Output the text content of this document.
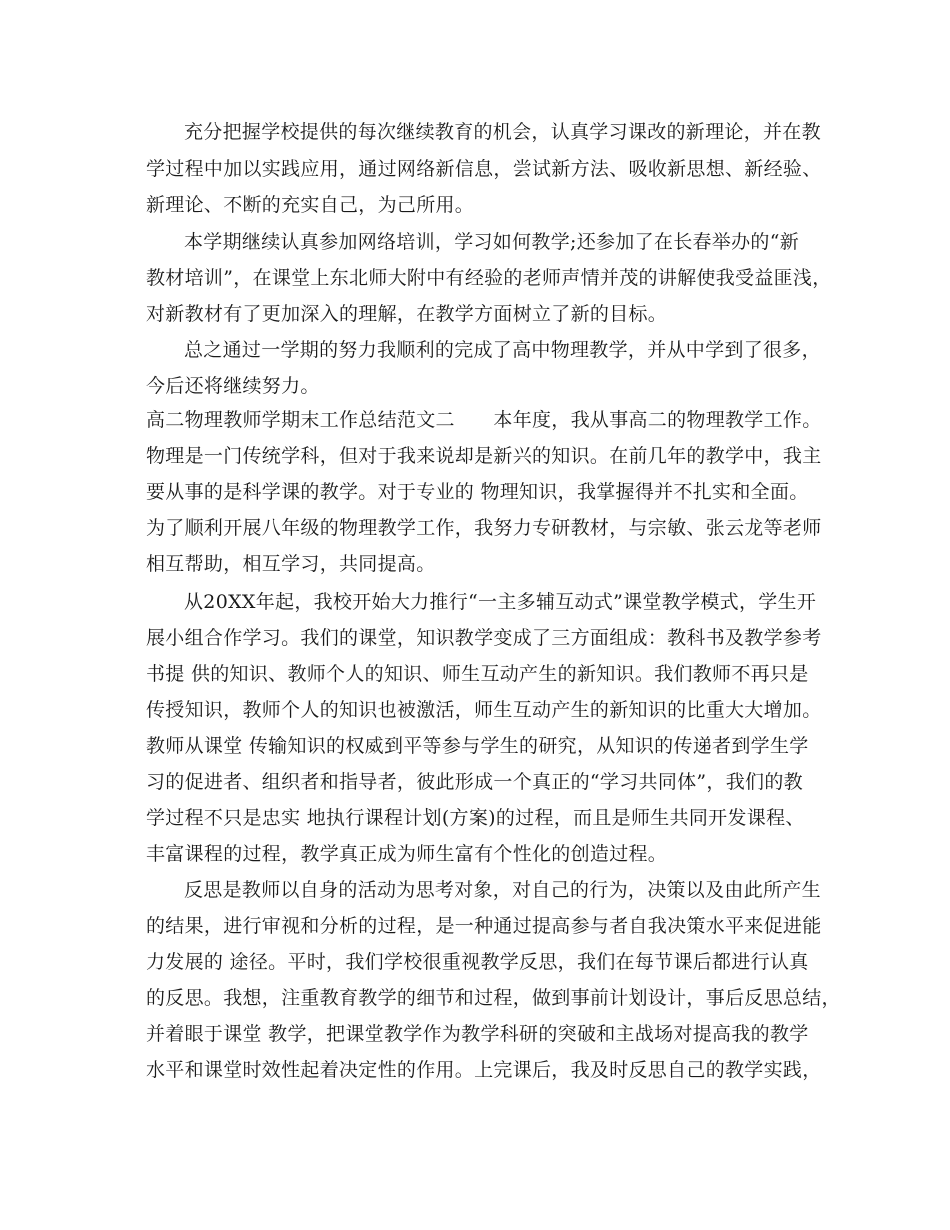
充分把握学校提供的每次继续教育的机会，认真学习课改的新理论，并在教
学过程中加以实践应用，通过网络新信息，尝试新方法、吸收新思想、新经验、
新理论、不断的充实自己，为己所用。
本学期继续认真参加网络培训，学习如何教学;还参加了在长春举办的“新
教材培训”，在课堂上东北师大附中有经验的老师声情并茂的讲解使我受益匪浅，
对新教材有了更加深入的理解，在教学方面树立了新的目标。
总之通过一学期的努力我顺利的完成了高中物理教学，并从中学到了很多，
今后还将继续努力。
高二物理教师学期末工作总结范文二　　本年度，我从事高二的物理教学工作。
物理是一门传统学科，但对于我来说却是新兴的知识。在前几年的教学中，我主
要从事的是科学课的教学。对于专业的 物理知识，我掌握得并不扎实和全面。
为了顺利开展八年级的物理教学工作，我努力专研教材，与宗敏、张云龙等老师
相互帮助，相互学习，共同提高。
从20XX年起，我校开始大力推行“一主多辅互动式”课堂教学模式，学生开
展小组合作学习。我们的课堂，知识教学变成了三方面组成：教科书及教学参考
书提 供的知识、教师个人的知识、师生互动产生的新知识。我们教师不再只是
传授知识，教师个人的知识也被激活，师生互动产生的新知识的比重大大增加。
教师从课堂 传输知识的权威到平等参与学生的研究，从知识的传递者到学生学
习的促进者、组织者和指导者，彼此形成一个真正的“学习共同体”，我们的教
学过程不只是忠实 地执行课程计划(方案)的过程，而且是师生共同开发课程、
丰富课程的过程，教学真正成为师生富有个性化的创造过程。
反思是教师以自身的活动为思考对象，对自己的行为，决策以及由此所产生
的结果，进行审视和分析的过程，是一种通过提高参与者自我决策水平来促进能
力发展的 途径。平时，我们学校很重视教学反思，我们在每节课后都进行认真
的反思。我想，注重教育教学的细节和过程，做到事前计划设计，事后反思总结，
并着眼于课堂 教学，把课堂教学作为教学科研的突破和主战场对提高我的教学
水平和课堂时效性起着决定性的作用。上完课后，我及时反思自己的教学实践，
